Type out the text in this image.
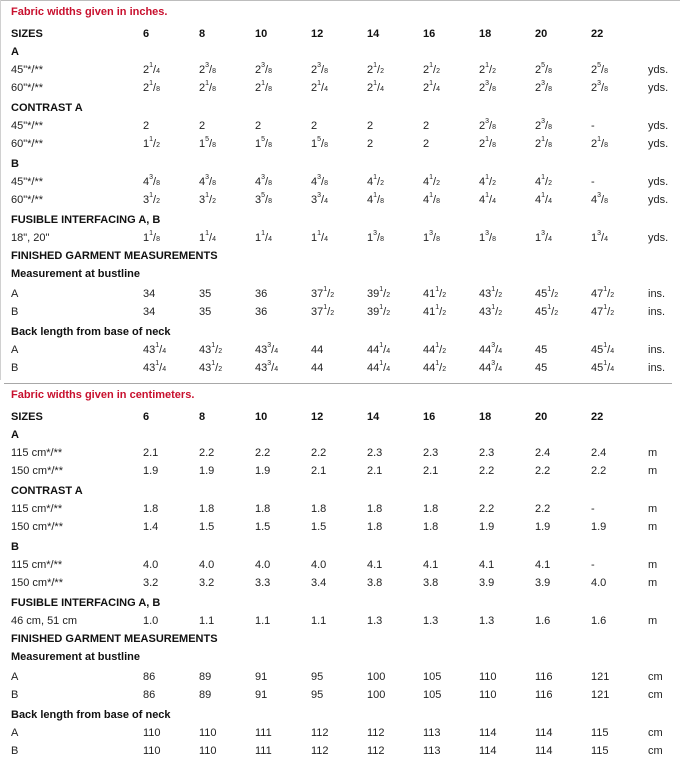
Fabric widths given in inches.
SIZES	6	8	10	12	14	16	18	20	22
A
45"*/**	$2^1/4$	$2^3/8$	$2^3/8$	$2^3/8$	$2^1/2$	$2^1/2$	$2^1/2$	$2^5/8$	$2^5/8$	yds.
60"*/**	$2^1/8$	$2^1/8$	$2^1/8$	$2^1/4$	$2^1/4$	$2^1/4$	$2^3/8$	$2^3/8$	$2^3/8$	yds.
CONTRAST A
45"*/**	2	2	2	2	2	2	$2^3/8$	$2^3/8$	-	yds.
60"*/**	$1^1/2$	$1^5/8$	$1^5/8$	$1^5/8$	2	2	$2^1/8$	$2^1/8$	$2^1/8$	yds.
B
45"*/**	$4^3/8$	$4^3/8$	$4^3/8$	$4^3/8$	$4^1/2$	$4^1/2$	$4^1/2$	$4^1/2$	-	yds.
60"*/**	$3^1/2$	$3^1/2$	$3^5/8$	$3^3/4$	$4^1/8$	$4^1/8$	$4^1/4$	$4^1/4$	$4^3/8$	yds.
FUSIBLE INTERFACING A, B
18", 20"	$1^1/8$	$1^1/4$	$1^1/4$	$1^1/4$	$1^3/8$	$1^3/8$	$1^3/8$	$1^3/4$	$1^3/4$	yds.
FINISHED GARMENT MEASUREMENTS
Measurement at bustline
A	34	35	36	$37^1/2$	$39^1/2$	$41^1/2$	$43^1/2$	$45^1/2$	$47^1/2$	ins.
B	34	35	36	$37^1/2$	$39^1/2$	$41^1/2$	$43^1/2$	$45^1/2$	$47^1/2$	ins.
Back length from base of neck
A	$43^1/4$	$43^1/2$	$43^3/4$	44	$44^1/4$	$44^1/2$	$44^3/4$	45	$45^1/4$	ins.
B	$43^1/4$	$43^1/2$	$43^3/4$	44	$44^1/4$	$44^1/2$	$44^3/4$	45	$45^1/4$	ins.
Fabric widths given in centimeters.
SIZES	6	8	10	12	14	16	18	20	22
A
115 cm*/**	2.1	2.2	2.2	2.2	2.3	2.3	2.3	2.4	2.4	m
150 cm*/**	1.9	1.9	1.9	2.1	2.1	2.1	2.2	2.2	2.2	m
CONTRAST A
115 cm*/**	1.8	1.8	1.8	1.8	1.8	1.8	2.2	2.2	-	m
150 cm*/**	1.4	1.5	1.5	1.5	1.8	1.8	1.9	1.9	1.9	m
B
115 cm*/**	4.0	4.0	4.0	4.0	4.1	4.1	4.1	4.1	-	m
150 cm*/**	3.2	3.2	3.3	3.4	3.8	3.8	3.9	3.9	4.0	m
FUSIBLE INTERFACING A, B
46 cm, 51 cm	1.0	1.1	1.1	1.1	1.3	1.3	1.3	1.6	1.6	m
FINISHED GARMENT MEASUREMENTS
Measurement at bustline
A	86	89	91	95	100	105	110	116	121	cm
B	86	89	91	95	100	105	110	116	121	cm
Back length from base of neck
A	110	110	111	112	112	113	114	114	115	cm
B	110	110	111	112	112	113	114	114	115	cm
